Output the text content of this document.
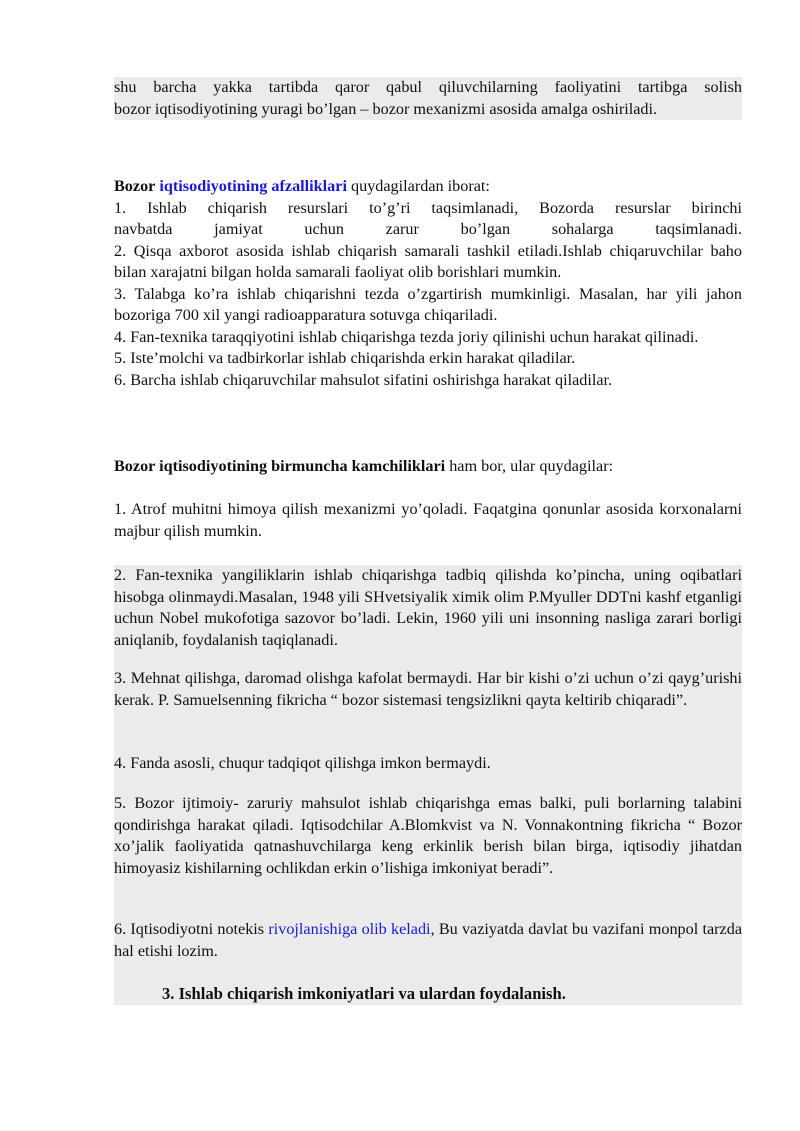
shu barcha yakka tartibda qaror qabul qiluvchilarning faoliyatini tartibga solish
bozor iqtisodiyotining yuragi bo’lgan – bozor mexanizmi asosida amalga oshiriladi.
Bozor iqtisodiyotining afzalliklari quydagilardan iborat:
1. Ishlab chiqarish resurslari to’g’ri taqsimlanadi, Bozorda resurslar birinchi
navbatda jamiyat uchun zarur bo’lgan sohalarga taqsimlanadi.
2. Qisqa axborot asosida ishlab chiqarish samarali tashkil etiladi.Ishlab chiqaruvchilar baho bilan xarajatni bilgan holda samarali faoliyat olib borishlari mumkin.
3. Talabga ko’ra ishlab chiqarishni tezda o’zgartirish mumkinligi. Masalan, har yili jahon bozoriga 700 xil yangi radioapparatura sotuvga chiqariladi.
4. Fan-texnika taraqqiyotini ishlab chiqarishga tezda joriy qilinishi uchun harakat qilinadi.
5. Iste’molchi va tadbirkorlar ishlab chiqarishda erkin harakat qiladilar.
6. Barcha ishlab chiqaruvchilar mahsulot sifatini oshirishga harakat qiladilar.
Bozor iqtisodiyotining birmuncha kamchiliklari ham bor, ular quydagilar:
1. Atrof muhitni himoya qilish mexanizmi yo’qoladi. Faqatgina qonunlar asosida korxonalarni majbur qilish mumkin.
2. Fan-texnika yangiliklarin ishlab chiqarishga tadbiq qilishda ko’pincha, uning oqibatlari hisobga olinmaydi.Masalan, 1948 yili SHvetsiyalik ximik olim P.Myuller DDTni kashf etganligi uchun Nobel mukofotiga sazovor bo’ladi. Lekin, 1960 yili uni insonning nasliga zarari borligi aniqlanib, foydalanish taqiqlanadi.
3. Mehnat qilishga, daromad olishga kafolat bermaydi. Har bir kishi o’zi uchun o’zi qayg’urishi kerak. P. Samuelsenning fikricha “ bozor sistemasi tengsizlikni qayta keltirib chiqaradi”.
4. Fanda asosli, chuqur tadqiqot qilishga imkon bermaydi.
5. Bozor ijtimoiy- zaruriy mahsulot ishlab chiqarishga emas balki, puli borlarning talabini qondirishga harakat qiladi. Iqtisodchilar A.Blomkvist va N. Vonnakontning fikricha “ Bozor xo’jalik faoliyatida qatnashuvchilarga keng erkinlik berish bilan birga, iqtisodiy jihatdan himoyasiz kishilarning ochlikdan erkin o’lishiga imkoniyat beradi”.
6. Iqtisodiyotni notekis rivojlanishiga olib keladi, Bu vaziyatda davlat bu vazifani monpol tarzda hal etishi lozim.
3. Ishlab chiqarish imkoniyatlari va ulardan foydalanish.
